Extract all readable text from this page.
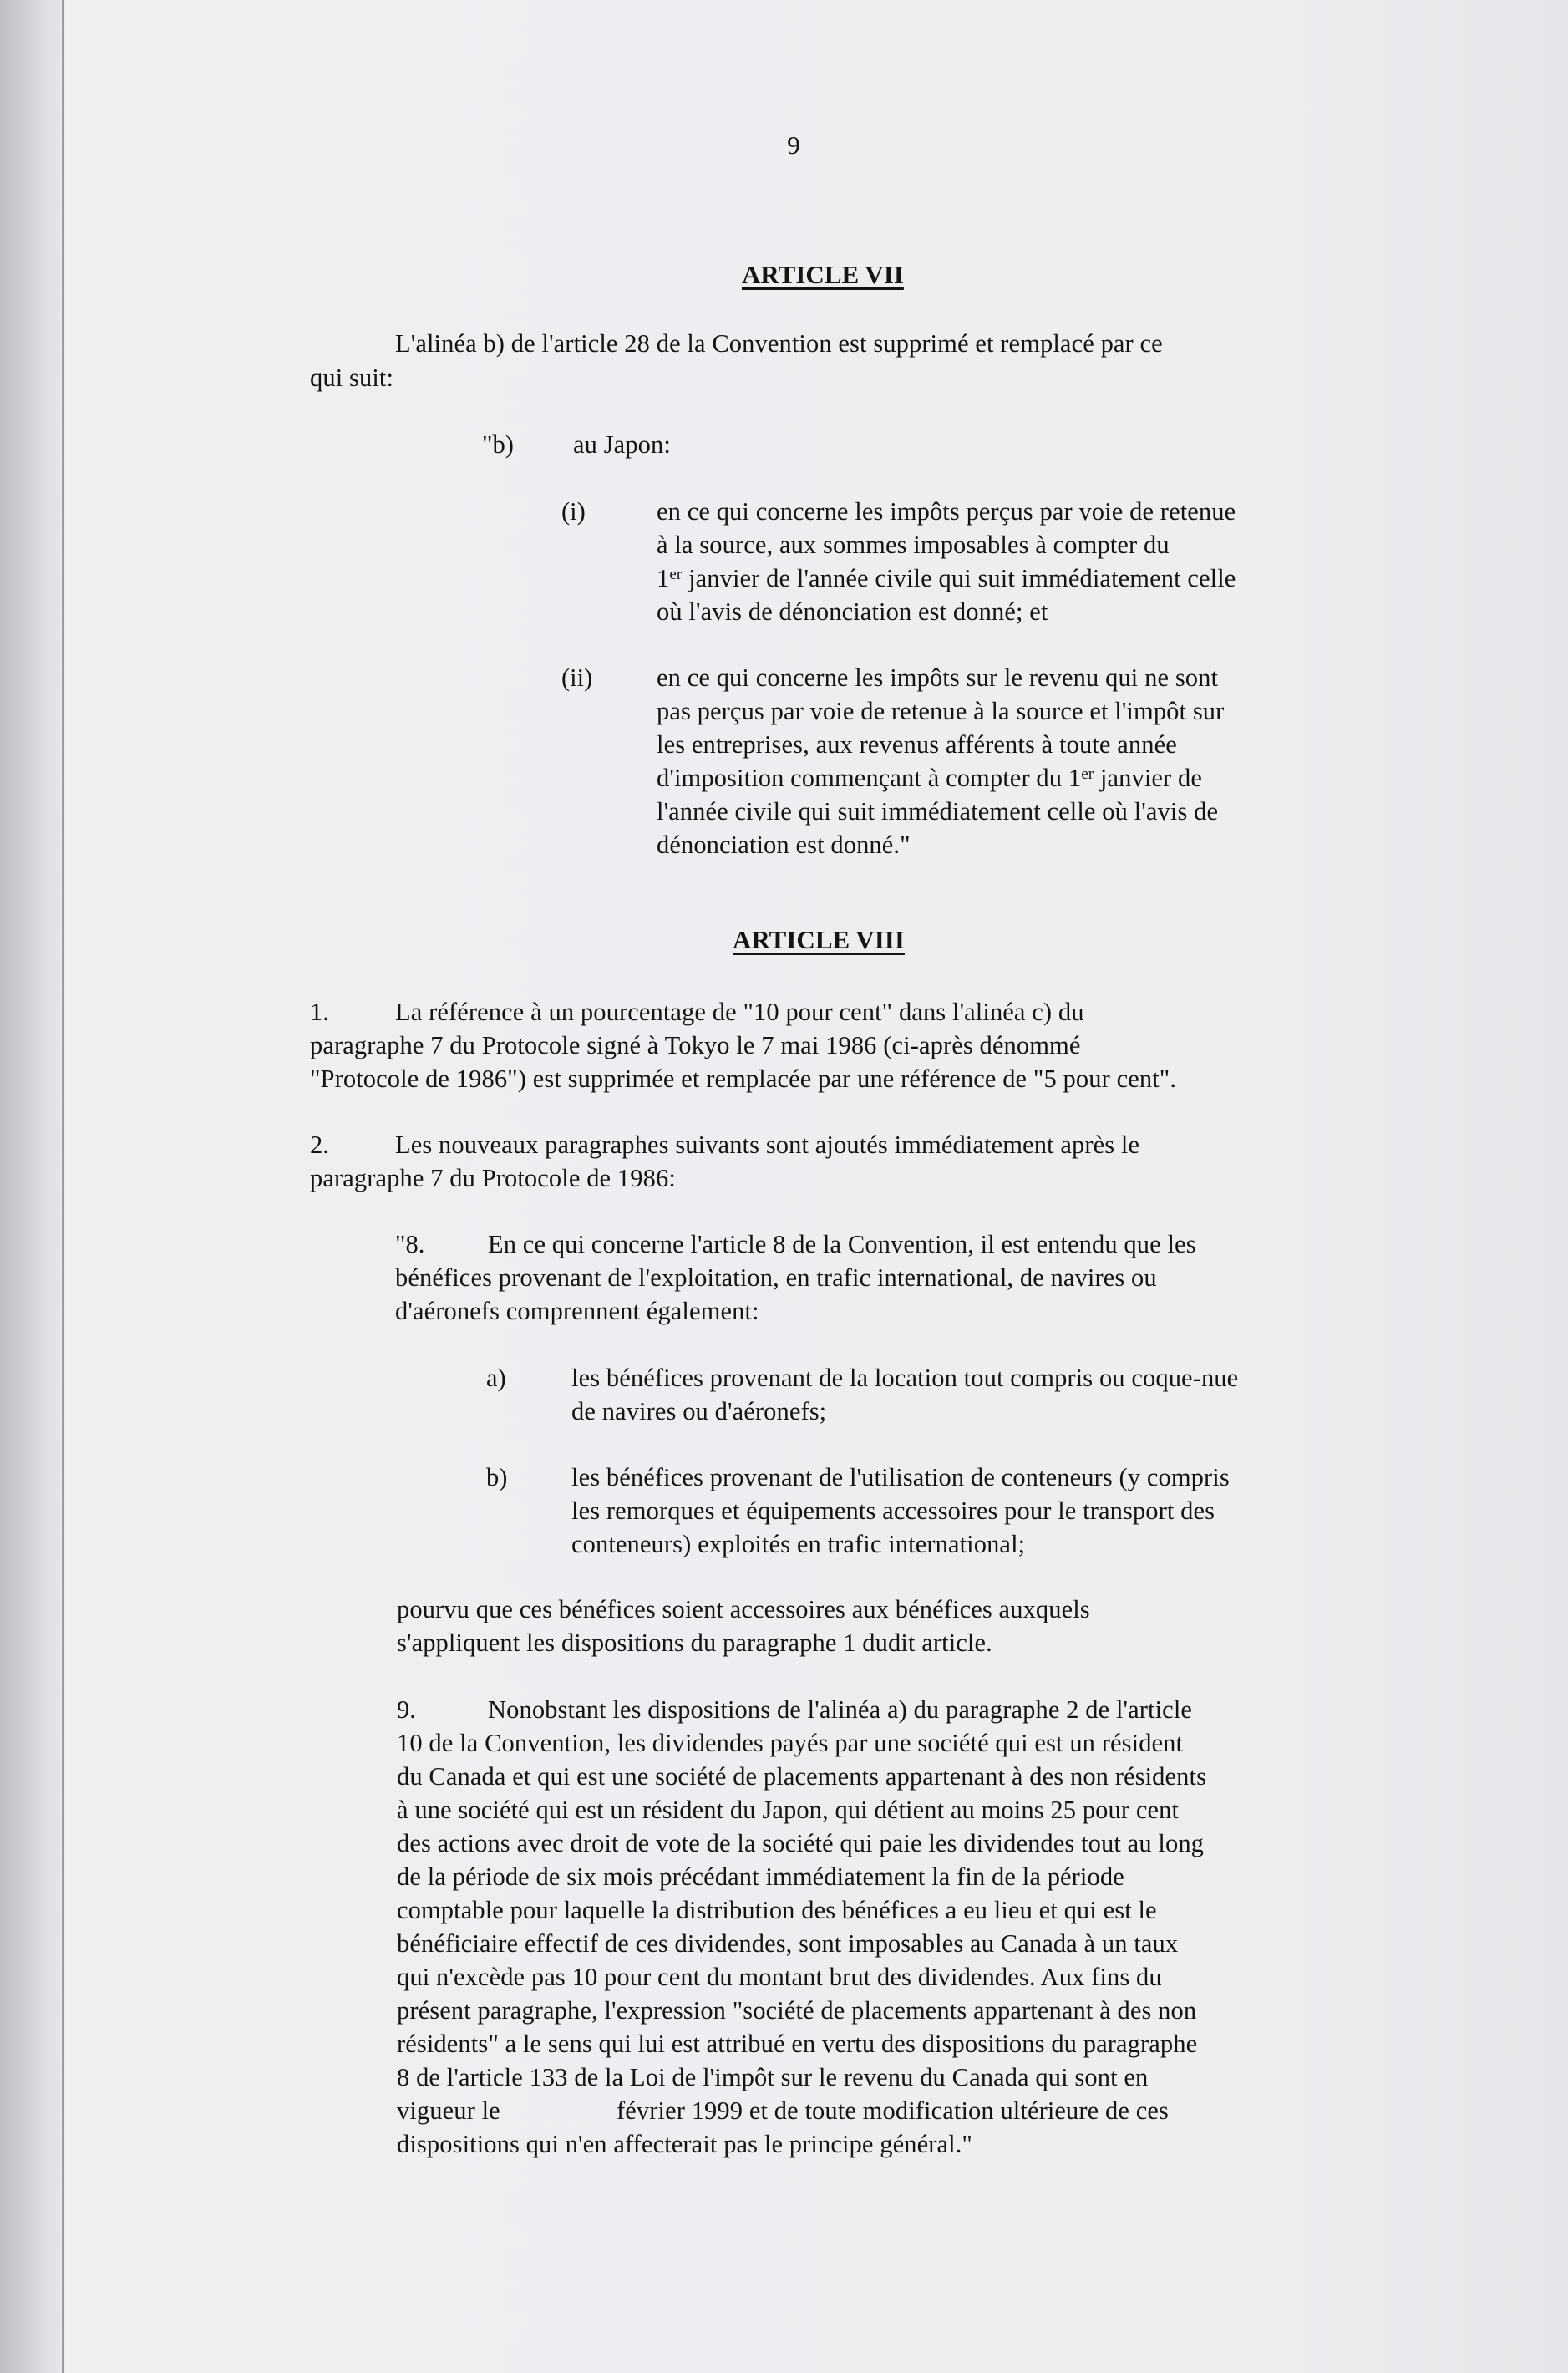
9
ARTICLE VII
L'alinéa b) de l'article 28 de la Convention est supprimé et remplacé par ce
qui suit:
"b) au Japon:
(i)	en ce qui concerne les impôts perçus par voie de retenue
à la source, aux sommes imposables à compter du
1er janvier de l'année civile qui suit immédiatement celle
où l'avis de dénonciation est donné; et
(ii)	en ce qui concerne les impôts sur le revenu qui ne sont
pas perçus par voie de retenue à la source et l'impôt sur
les entreprises, aux revenus afférents à toute année
d'imposition commençant à compter du 1er janvier de
l'année civile qui suit immédiatement celle où l'avis de
dénonciation est donné."
ARTICLE VIII
1.	La référence à un pourcentage de "10 pour cent" dans l'alinéa c) du
paragraphe 7 du Protocole signé à Tokyo le 7 mai 1986 (ci-après dénommé
"Protocole de 1986") est supprimée et remplacée par une référence de "5 pour cent".
2.	Les nouveaux paragraphes suivants sont ajoutés immédiatement après le
paragraphe 7 du Protocole de 1986:
"8. En ce qui concerne l'article 8 de la Convention, il est entendu que les
bénéfices provenant de l'exploitation, en trafic international, de navires ou
d'aéronefs comprennent également:
a)	les bénéfices provenant de la location tout compris ou coque-nue
de navires ou d'aéronefs;
b)	les bénéfices provenant de l'utilisation de conteneurs (y compris
les remorques et équipements accessoires pour le transport des
conteneurs) exploités en trafic international;
pourvu que ces bénéfices soient accessoires aux bénéfices auxquels
s'appliquent les dispositions du paragraphe 1 dudit article.
9.	Nonobstant les dispositions de l'alinéa a) du paragraphe 2 de l'article
10 de la Convention, les dividendes payés par une société qui est un résident
du Canada et qui est une société de placements appartenant à des non résidents
à une société qui est un résident du Japon, qui détient au moins 25 pour cent
des actions avec droit de vote de la société qui paie les dividendes tout au long
de la période de six mois précédant immédiatement la fin de la période
comptable pour laquelle la distribution des bénéfices a eu lieu et qui est le
bénéficiaire effectif de ces dividendes, sont imposables au Canada à un taux
qui n'excède pas 10 pour cent du montant brut des dividendes. Aux fins du
présent paragraphe, l'expression "société de placements appartenant à des non
résidents" a le sens qui lui est attribué en vertu des dispositions du paragraphe
8 de l'article 133 de la Loi de l'impôt sur le revenu du Canada qui sont en
vigueur le	février 1999 et de toute modification ultérieure de ces
dispositions qui n'en affecterait pas le principe général."
